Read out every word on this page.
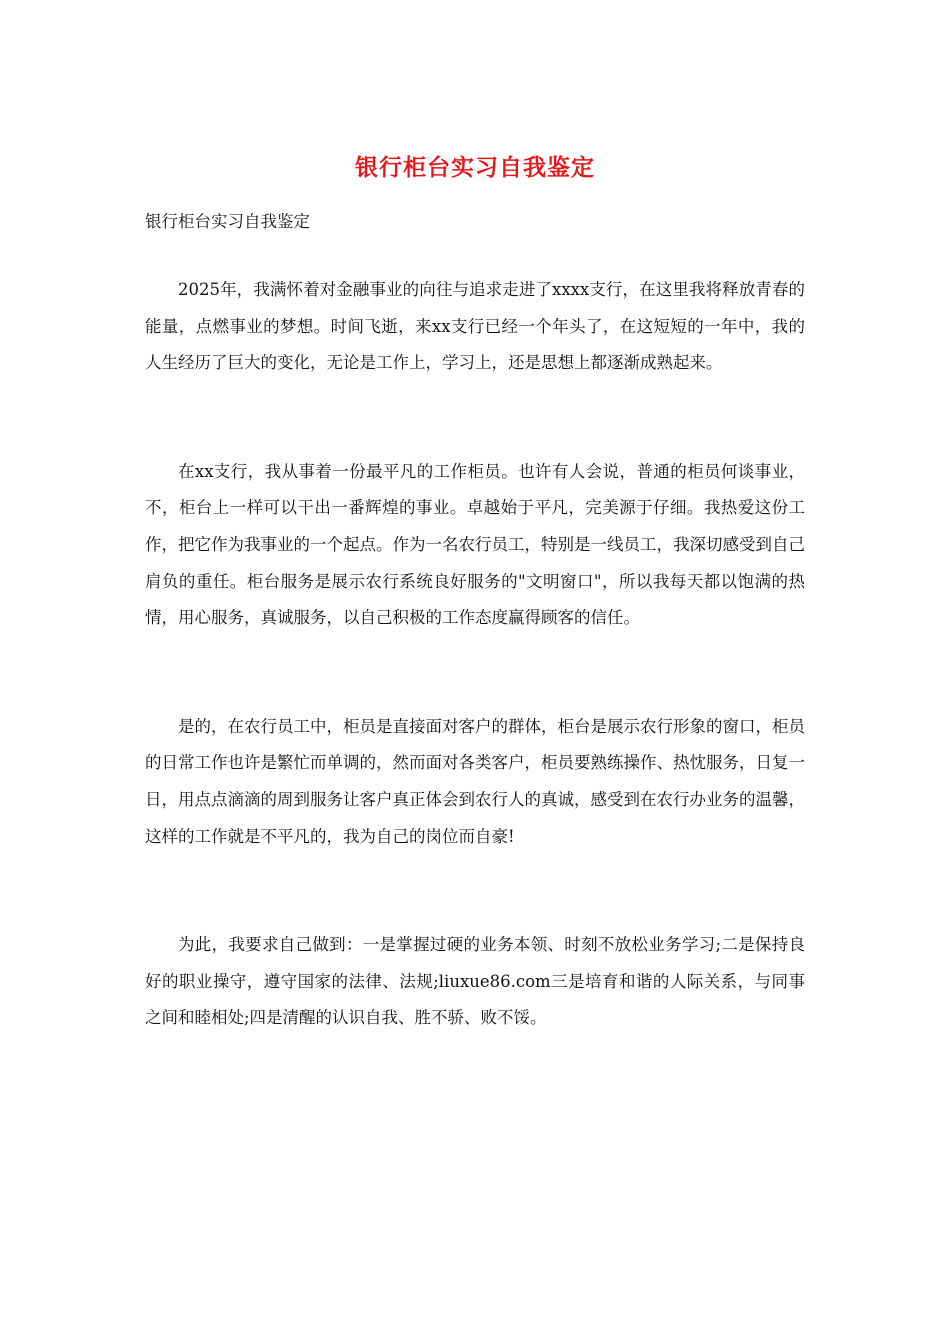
银行柜台实习自我鉴定
银行柜台实习自我鉴定

2025年，我满怀着对金融事业的向往与追求走进了xxxx支行，在这里我将释放青春的能量，点燃事业的梦想。时间飞逝，来xx支行已经一个年头了，在这短短的一年中，我的人生经历了巨大的变化，无论是工作上，学习上，还是思想上都逐渐成熟起来。

在xx支行，我从事着一份最平凡的工作柜员。也许有人会说，普通的柜员何谈事业，不，柜台上一样可以干出一番辉煌的事业。卓越始于平凡，完美源于仔细。我热爱这份工作，把它作为我事业的一个起点。作为一名农行员工，特别是一线员工，我深切感受到自己肩负的重任。柜台服务是展示农行系统良好服务的"文明窗口"，所以我每天都以饱满的热情，用心服务，真诚服务，以自己积极的工作态度赢得顾客的信任。

是的，在农行员工中，柜员是直接面对客户的群体，柜台是展示农行形象的窗口，柜员的日常工作也许是繁忙而单调的，然而面对各类客户，柜员要熟练操作、热忱服务，日复一日，用点点滴滴的周到服务让客户真正体会到农行人的真诚，感受到在农行办业务的温馨，这样的工作就是不平凡的，我为自己的岗位而自豪!

为此，我要求自己做到：一是掌握过硬的业务本领、时刻不放松业务学习;二是保持良好的职业操守，遵守国家的法律、法规;liuxue86.com三是培育和谐的人际关系，与同事之间和睦相处;四是清醒的认识自我、胜不骄、败不馁。
